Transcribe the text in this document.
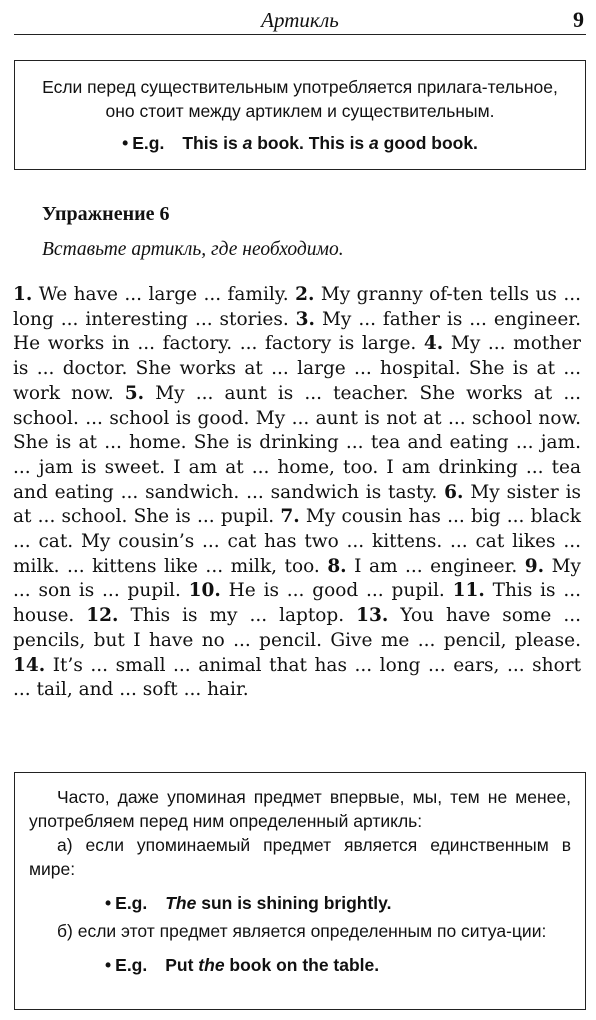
Артикль	9
Если перед существительным употребляется прилага-тельное, оно стоит между артиклем и существительным.
• E.g. This is a book. This is a good book.
Упражнение 6
Вставьте артикль, где необходимо.

1. We have ... large ... family. 2. My granny of-ten tells us ... long ... interesting ... stories. 3. My ... father is ... engineer. He works in ... factory. ... factory is large. 4. My ... mother is ... doctor. She works at ... large ... hospital. She is at ... work now. 5. My ... aunt is ... teacher. She works at ... school. ... school is good. My ... aunt is not at ... school now. She is at ... home. She is drinking ... tea and eating ... jam. ... jam is sweet. I am at ... home, too. I am drinking ... tea and eating ... sandwich. ... sandwich is tasty. 6. My sister is at ... school. She is ... pupil. 7. My cousin has ... big ... black ... cat. My cousin’s ... cat has two ... kittens. ... cat likes ... milk. ... kittens like ... milk, too. 8. I am ... engineer. 9. My ... son is ... pupil. 10. He is ... good ... pupil. 11. This is ... house. 12. This is my ... laptop. 13. You have some ... pencils, but I have no ... pencil. Give me ... pencil, please. 14. It’s ... small ... animal that has ... long ... ears, ... short ... tail, and ... soft ... hair.

Часто, даже упоминая предмет впервые, мы, тем не менее, употребляем перед ним определенный артикль:
а) если упоминаемый предмет является единственным в мире:
• E.g. The sun is shining brightly.
б) если этот предмет является определенным по ситуа-ции:
• E.g. Put the book on the table.
